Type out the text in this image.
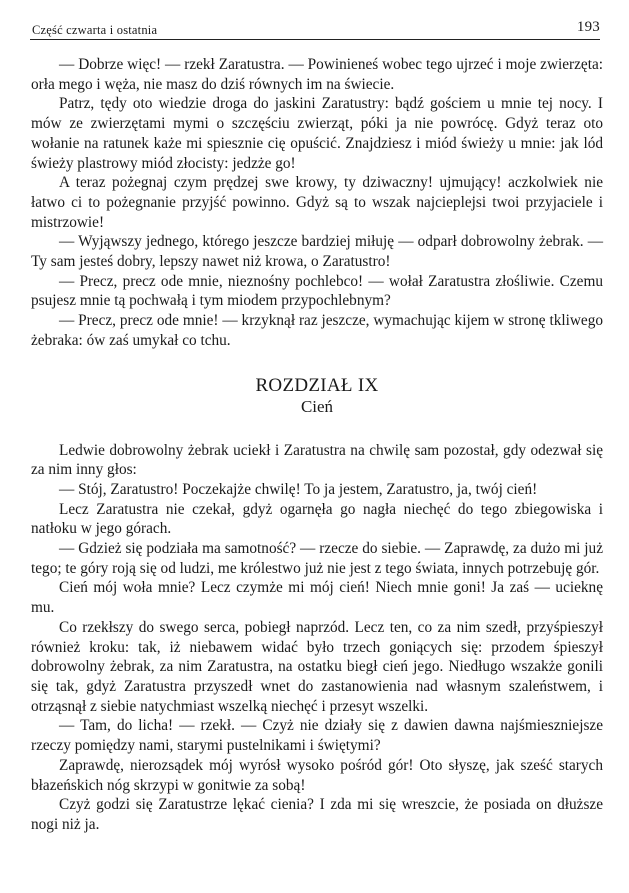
Część czwarta i ostatnia	193

— Dobrze więc! — rzekł Zaratustra. — Powinieneś wobec tego ujrzeć i moje zwierzęta: orła mego i węża, nie masz do dziś równych im na świecie.

Patrz, tędy oto wiedzie droga do jaskini Zaratustry: bądź gościem u mnie tej nocy. I mów ze zwierzętami mymi o szczęściu zwierząt, póki ja nie powrócę. Gdyż teraz oto wołanie na ratunek każe mi spiesznie cię opuścić. Znajdziesz i miód świeży u mnie: jak lód świeży plastrowy miód złocisty: jedzże go!

A teraz pożegnaj czym prędzej swe krowy, ty dziwaczny! ujmujący! aczkolwiek nie łatwo ci to pożegnanie przyjść powinno. Gdyż są to wszak najcieplejsi twoi przyjaciele i mistrzowie!

— Wyjąwszy jednego, którego jeszcze bardziej miłuję — odparł dobrowolny żebrak. — Ty sam jesteś dobry, lepszy nawet niż krowa, o Zaratustro!

— Precz, precz ode mnie, nieznośny pochlebco! — wołał Zaratustra złośliwie. Czemu psujesz mnie tą pochwałą i tym miodem przypochlebnym?

— Precz, precz ode mnie! — krzyknął raz jeszcze, wymachując kijem w stronę tkliwego żebraka: ów zaś umykał co tchu.

ROZDZIAŁ IX
Cień

Ledwie dobrowolny żebrak uciekł i Zaratustra na chwilę sam pozostał, gdy odezwał się za nim inny głos:

— Stój, Zaratustro! Poczekajże chwilę! To ja jestem, Zaratustro, ja, twój cień!

Lecz Zaratustra nie czekał, gdyż ogarnęła go nagła niechęć do tego zbiegowiska i natłoku w jego górach.

— Gdzież się podziała ma samotność? — rzecze do siebie. — Zaprawdę, za dużo mi już tego; te góry roją się od ludzi, me królestwo już nie jest z tego świata, innych potrzebuję gór.

Cień mój woła mnie? Lecz czymże mi mój cień! Niech mnie goni! Ja zaś — ucieknę mu.

Co rzekłszy do swego serca, pobiegł naprzód. Lecz ten, co za nim szedł, przyśpieszył również kroku: tak, iż niebawem widać było trzech goniących się: przodem śpieszył dobrowolny żebrak, za nim Zaratustra, na ostatku biegł cień jego. Niedługo wszakże gonili się tak, gdyż Zaratustra przyszedł wnet do zastanowienia nad własnym szaleństwem, i otrząsnął z siebie natychmiast wszelką niechęć i przesyt wszelki.

— Tam, do licha! — rzekł. — Czyż nie działy się z dawien dawna najśmieszniejsze rzeczy pomiędzy nami, starymi pustelnikami i świętymi?

Zaprawdę, nierozsądek mój wyrósł wysoko pośród gór! Oto słyszę, jak sześć starych błazeńskich nóg skrzypi w gonitwie za sobą!

Czyż godzi się Zaratustrze lękać cienia? I zda mi się wreszcie, że posiada on dłuższe nogi niż ja.
